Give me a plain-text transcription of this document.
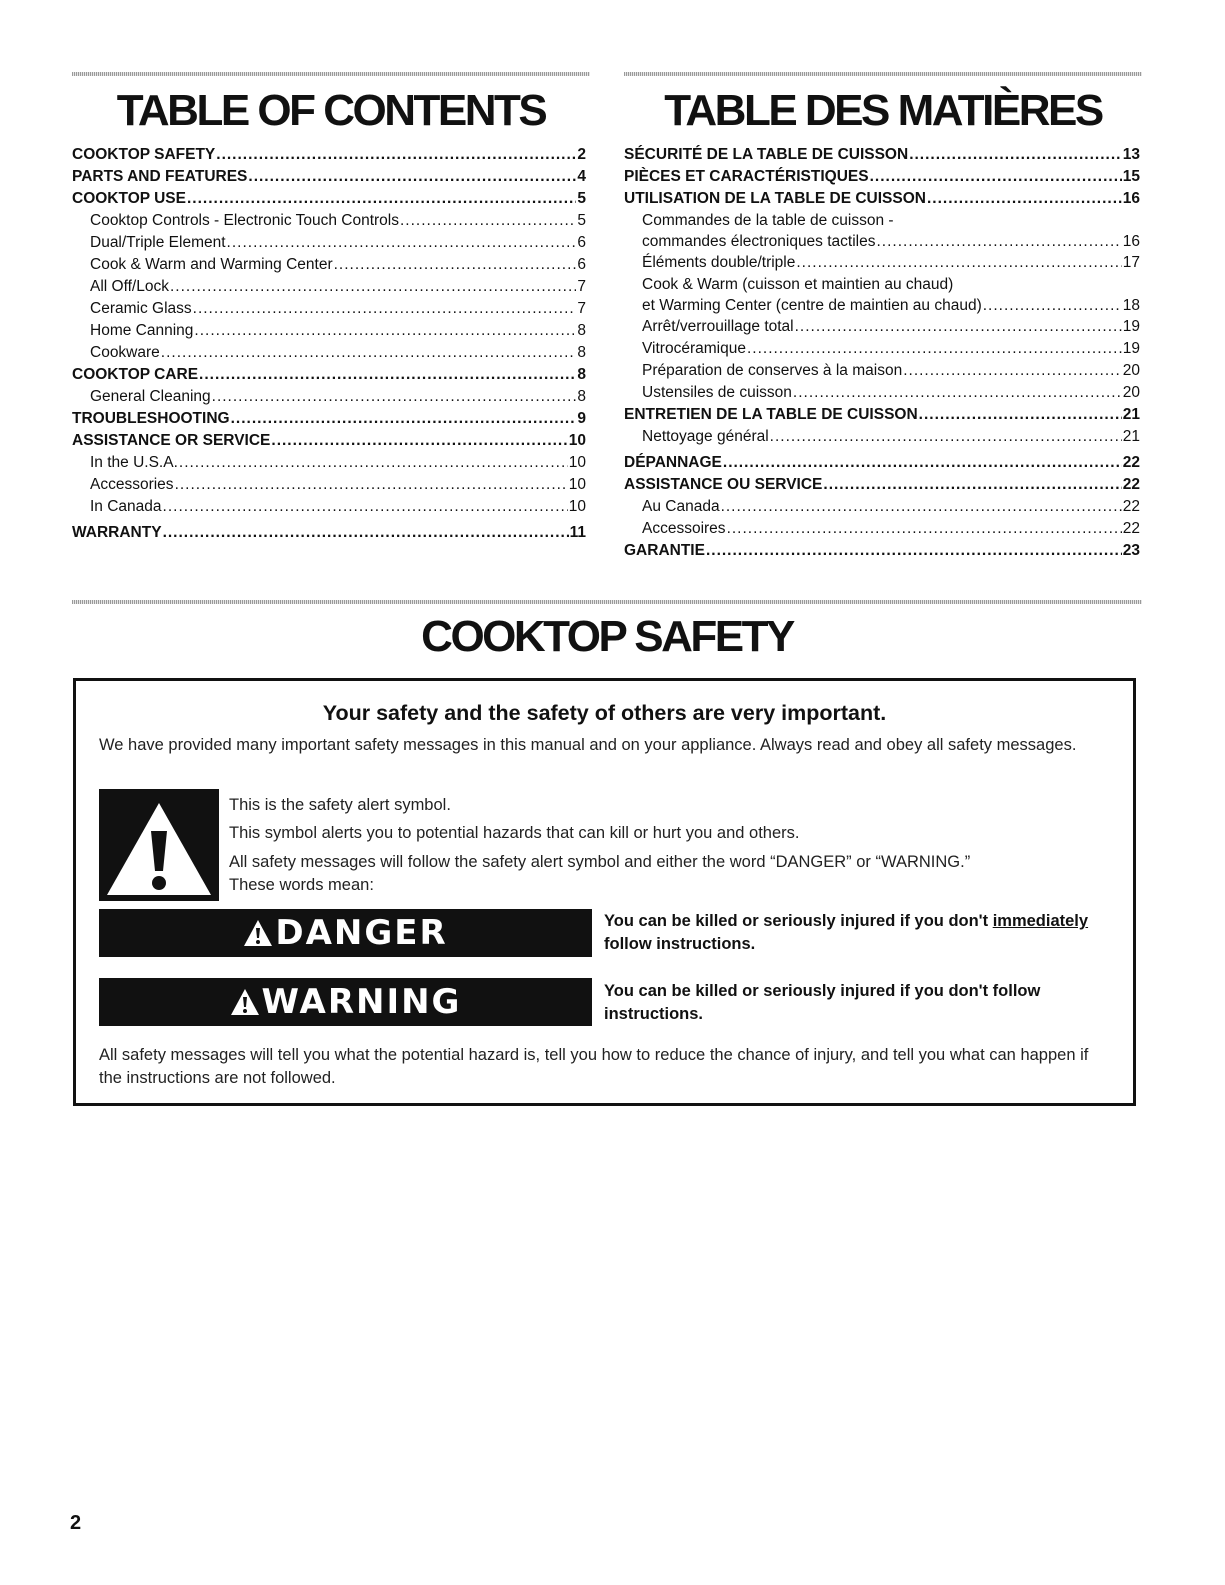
TABLE OF CONTENTS
COOKTOP SAFETY .....	2
PARTS AND FEATURES .....	4
COOKTOP USE .....	5
Cooktop Controls - Electronic Touch Controls .....	5
Dual/Triple Element .....	6
Cook & Warm and Warming Center .....	6
All Off/Lock .....	7
Ceramic Glass .....	7
Home Canning .....	8
Cookware .....	8
COOKTOP CARE .....	8
General Cleaning .....	8
TROUBLESHOOTING .....	9
ASSISTANCE OR SERVICE .....	10
In the U.S.A. .....	10
Accessories .....	10
In Canada .....	10
WARRANTY .....	11
TABLE DES MATIÈRES
SÉCURITÉ DE LA TABLE DE CUISSON .....	13
PIÈCES ET CARACTÉRISTIQUES .....	15
UTILISATION DE LA TABLE DE CUISSON .....	16
Commandes de la table de cuisson -
commandes électroniques tactiles .....	16
Éléments double/triple .....	17
Cook & Warm (cuisson et maintien au chaud)
et Warming Center (centre de maintien au chaud) .....	18
Arrêt/verrouillage total .....	19
Vitrocéramique .....	19
Préparation de conserves à la maison .....	20
Ustensiles de cuisson .....	20
ENTRETIEN DE LA TABLE DE CUISSON .....	21
Nettoyage général .....	21
DÉPANNAGE .....	22
ASSISTANCE OU SERVICE .....	22
Au Canada .....	22
Accessoires .....	22
GARANTIE .....	23
COOKTOP SAFETY
Your safety and the safety of others are very important.

We have provided many important safety messages in this manual and on your appliance. Always read and obey all safety messages.

This is the safety alert symbol.

This symbol alerts you to potential hazards that can kill or hurt you and others.

All safety messages will follow the safety alert symbol and either the word “DANGER” or “WARNING.”

These words mean:

DANGER	You can be killed or seriously injured if you don't immediately follow instructions.

WARNING	You can be killed or seriously injured if you don't follow instructions.

All safety messages will tell you what the potential hazard is, tell you how to reduce the chance of injury, and tell you what can happen if the instructions are not followed.

2
